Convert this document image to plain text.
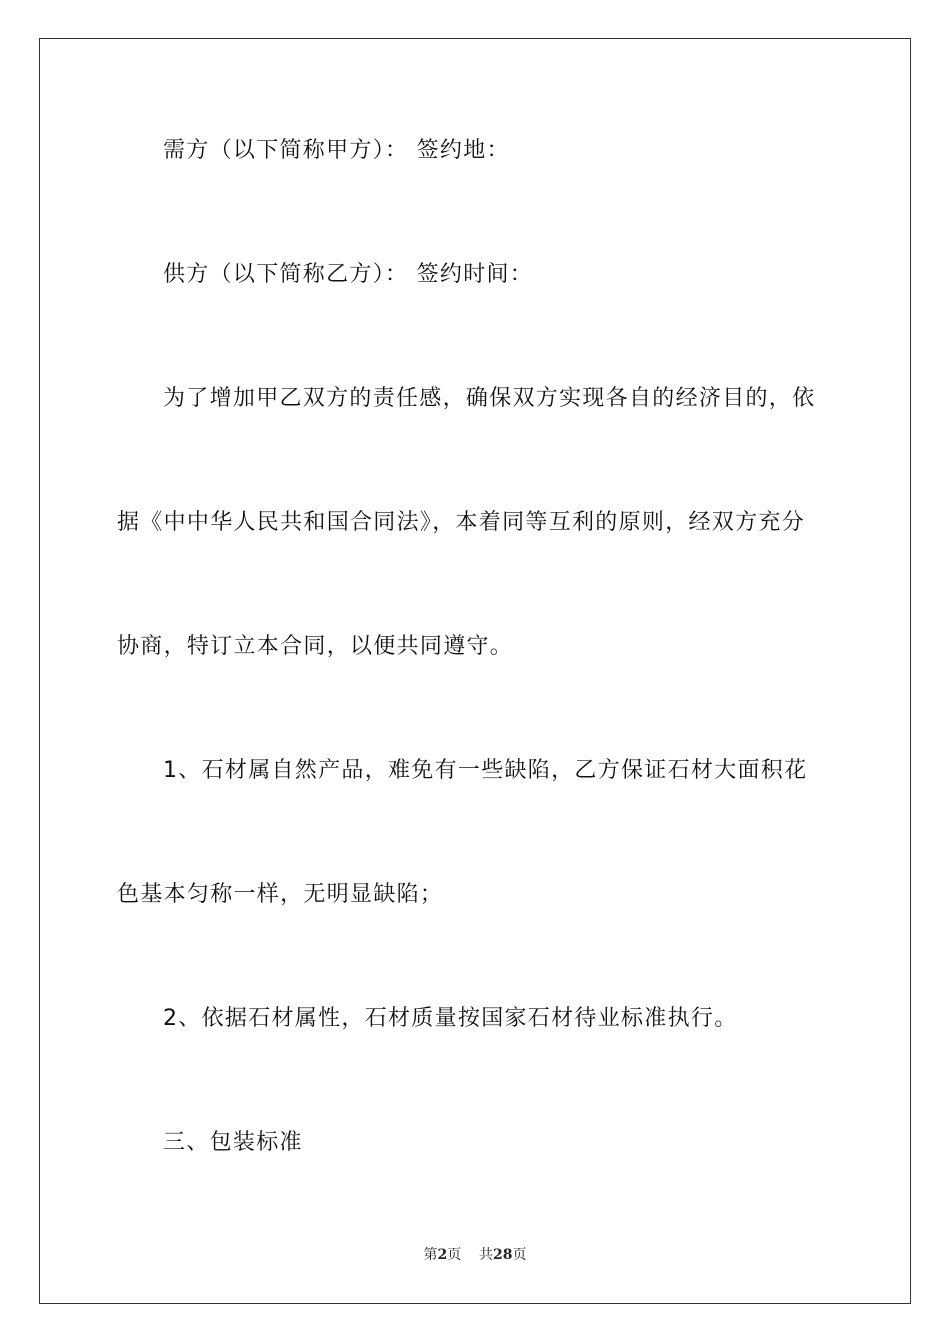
需方（以下简称甲方）： 签约地：
供方（以下简称乙方）： 签约时间：
为了增加甲乙双方的责任感，确保双方实现各自的经济目的，依
据《中中华人民共和国合同法》，本着同等互利的原则，经双方充分
协商，特订立本合同，以便共同遵守。
1、石材属自然产品，难免有一些缺陷，乙方保证石材大面积花
色基本匀称一样，无明显缺陷；
2、依据石材属性，石材质量按国家石材待业标准执行。
三、包装标准
第2页 共28页
